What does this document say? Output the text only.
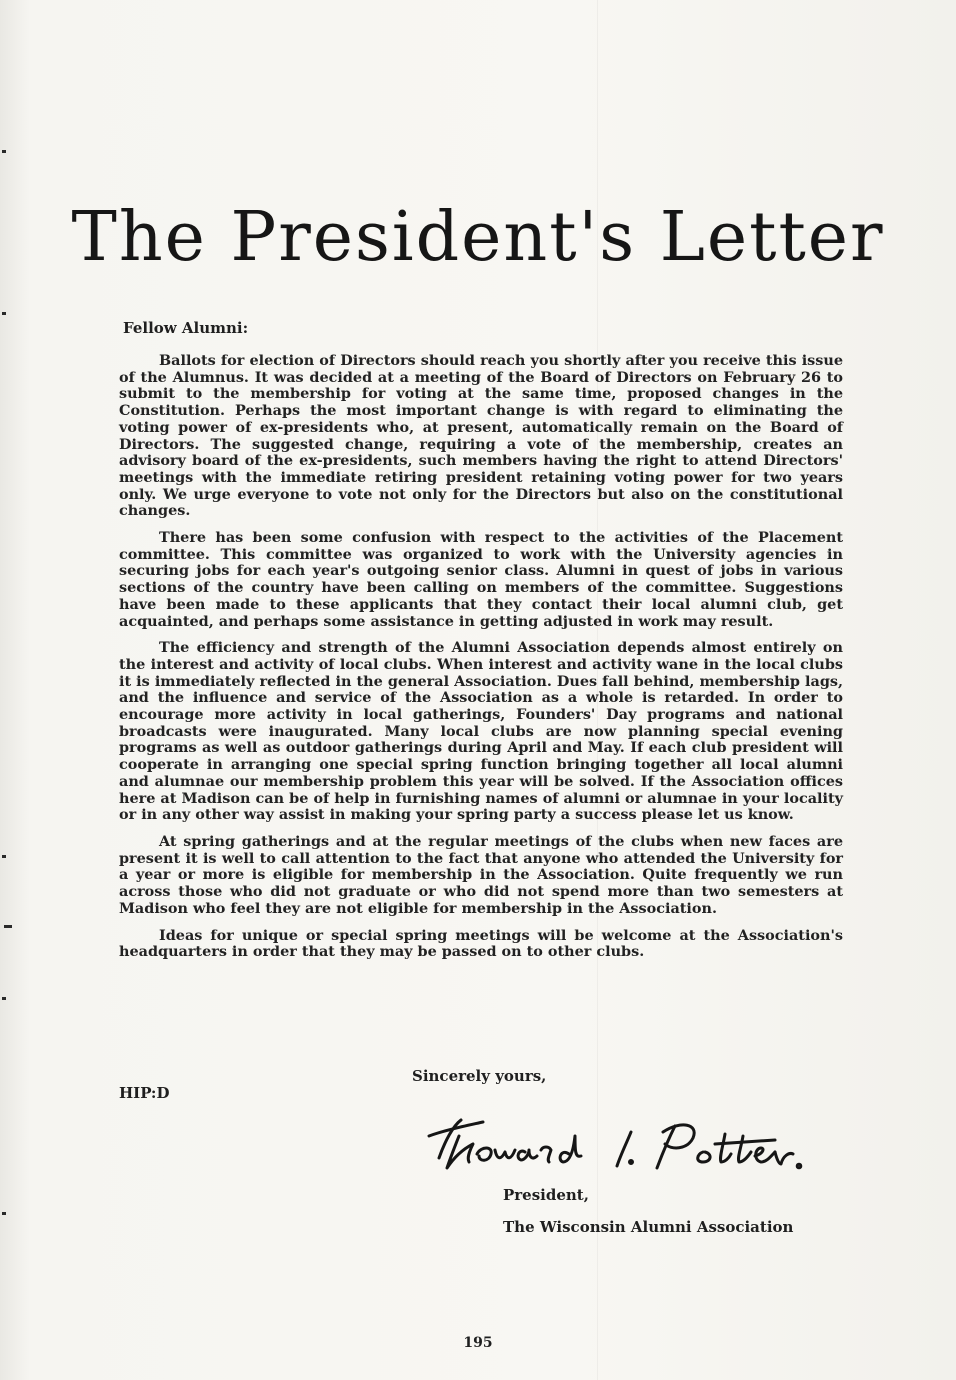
The President's Letter

Fellow Alumni:

Ballots for election of Directors should reach you shortly after you receive this issue of the Alumnus. It was decided at a meeting of the Board of Directors on February 26 to submit to the membership for voting at the same time, proposed changes in the Constitution. Perhaps the most important change is with regard to eliminating the voting power of ex-presidents who, at present, automatically remain on the Board of Directors. The suggested change, requiring a vote of the membership, creates an advisory board of the ex-presidents, such members having the right to attend Directors' meetings with the immediate retiring president retaining voting power for two years only. We urge everyone to vote not only for the Directors but also on the constitutional changes.

There has been some confusion with respect to the activities of the Placement committee. This committee was organized to work with the University agencies in securing jobs for each year's outgoing senior class. Alumni in quest of jobs in various sections of the country have been calling on members of the committee. Suggestions have been made to these applicants that they contact their local alumni club, get acquainted, and perhaps some assistance in getting adjusted in work may result.

The efficiency and strength of the Alumni Association depends almost entirely on the interest and activity of local clubs. When interest and activity wane in the local clubs it is immediately reflected in the general Association. Dues fall behind, membership lags, and the influence and service of the Association as a whole is retarded. In order to encourage more activity in local gatherings, Founders' Day programs and national broadcasts were inaugurated. Many local clubs are now planning special evening programs as well as outdoor gatherings during April and May. If each club president will cooperate in arranging one special spring function bringing together all local alumni and alumnae our membership problem this year will be solved. If the Association offices here at Madison can be of help in furnishing names of alumni or alumnae in your locality or in any other way assist in making your spring party a success please let us know.

At spring gatherings and at the regular meetings of the clubs when new faces are present it is well to call attention to the fact that anyone who attended the University for a year or more is eligible for membership in the Association. Quite frequently we run across those who did not graduate or who did not spend more than two semesters at Madison who feel they are not eligible for membership in the Association.

Ideas for unique or special spring meetings will be welcome at the Association's headquarters in order that they may be passed on to other clubs.

Sincerely yours,

HIP:D

President,

The Wisconsin Alumni Association

195
